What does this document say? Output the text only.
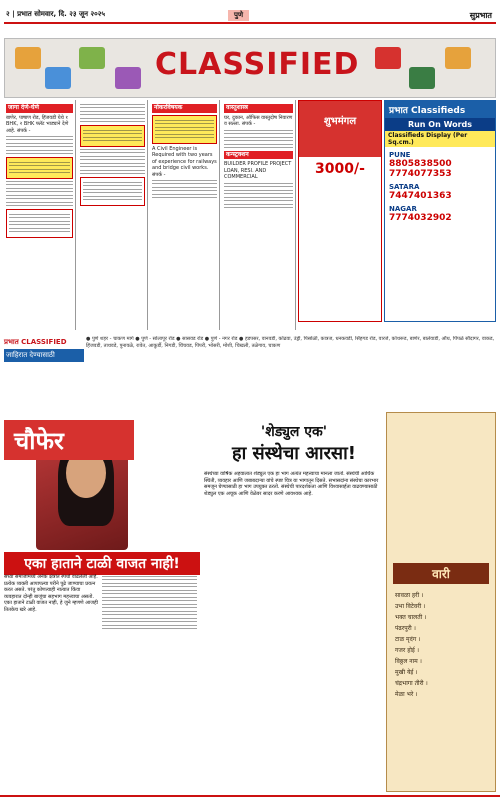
२ | प्रभात सोमवार, दि. २३ जून २०२५	पुणे	सुप्रभात
CLASSIFIED
जागा देणे-घेणे
बाणेर, पाषाण रोड, हिंजवडी येथे १ BHK, २ BHK फ्लॅट भाड्याने देणे आहे. संपर्क -
नोकरविषयक
A Civil Engineer is Required with two years of experience for railways and bridge civil works. संपर्क -
वास्तुशास्त्र
घर, दुकान, ऑफिस वास्तुदोष निवारण व सल्ला. संपर्क -
कन्स्ट्रक्शन
BUILDER PROFILE PROJECT LOAN, RESI. AND COMMERCIAL
शुभमंगल
3000/-
प्रभात Classifieds
Run On Words
Classifieds Display (Per Sq.cm.)
PUNE
8805838500
7774077353
SATARA
7447401363
NAGAR
7774032902
प्रभात CLASSIFIED
जाहिरात देण्यासाठी
● पुणे शहर - चाकण मार्ग ● पुणे - सोलापूर रोड ● सासवड रोड ● पुणे - नगर रोड ● हडपसर, वानवडी, कोंढवा, उंड्री, पिसोळी, कात्रज, धनकवडी, सिंहगड रोड, वारजे, कोथरूड, बाणेर, बालेवाडी, औंध, पिंपळे सौदागर, वाकड, हिंजवडी, ताथवडे, पुनावळे, रावेत, आकुर्डी, निगडी, चिंचवड, पिंपरी, भोसरी, मोशी, चिखली, तळेगाव, चाकण
चौफेर
एका हाताने टाळी वाजत नाही!
सध्या समाजामध्ये अनेक क्षेत्रांत स्पर्धा वाढलेली आहे. प्रत्येक व्यक्ती आपापल्या परीने पुढे जाण्याचा प्रयत्न करत असते. परंतु कोणत्याही नात्यात किंवा व्यवहारात दोन्ही बाजूंचा सहभाग महत्त्वाचा असतो. एका हाताने टाळी वाजत नाही, हे जुने म्हणणे आजही तितकेच खरे आहे.
'शेड्युल एक'
हा संस्थेचा आरसा!
संस्थेच्या वार्षिक अहवालात शेड्युल एक हा भाग अत्यंत महत्त्वाचा मानला जातो. संस्थेची आर्थिक स्थिती, व्यवहार आणि जबाबदाऱ्या यांचे स्पष्ट चित्र या भागातून दिसते. सभासदांना संस्थेचा कारभार समजून घेण्यासाठी हा भाग उपयुक्त ठरतो. संस्थेची पारदर्शकता आणि विश्वासार्हता वाढवण्यासाठी शेड्युल एक अचूक आणि वेळेवर सादर करणे आवश्यक आहे.
वारी
सावळा हरी ।
उभा विटेवरी ।
भक्त चालती ।
पंढरपुरी ।
टाळ मृदंग ।
गजर होई ।
विठ्ठल नाम ।
मुखी येई ।
चंद्रभागा तीरी ।
मेळा भरे ।
